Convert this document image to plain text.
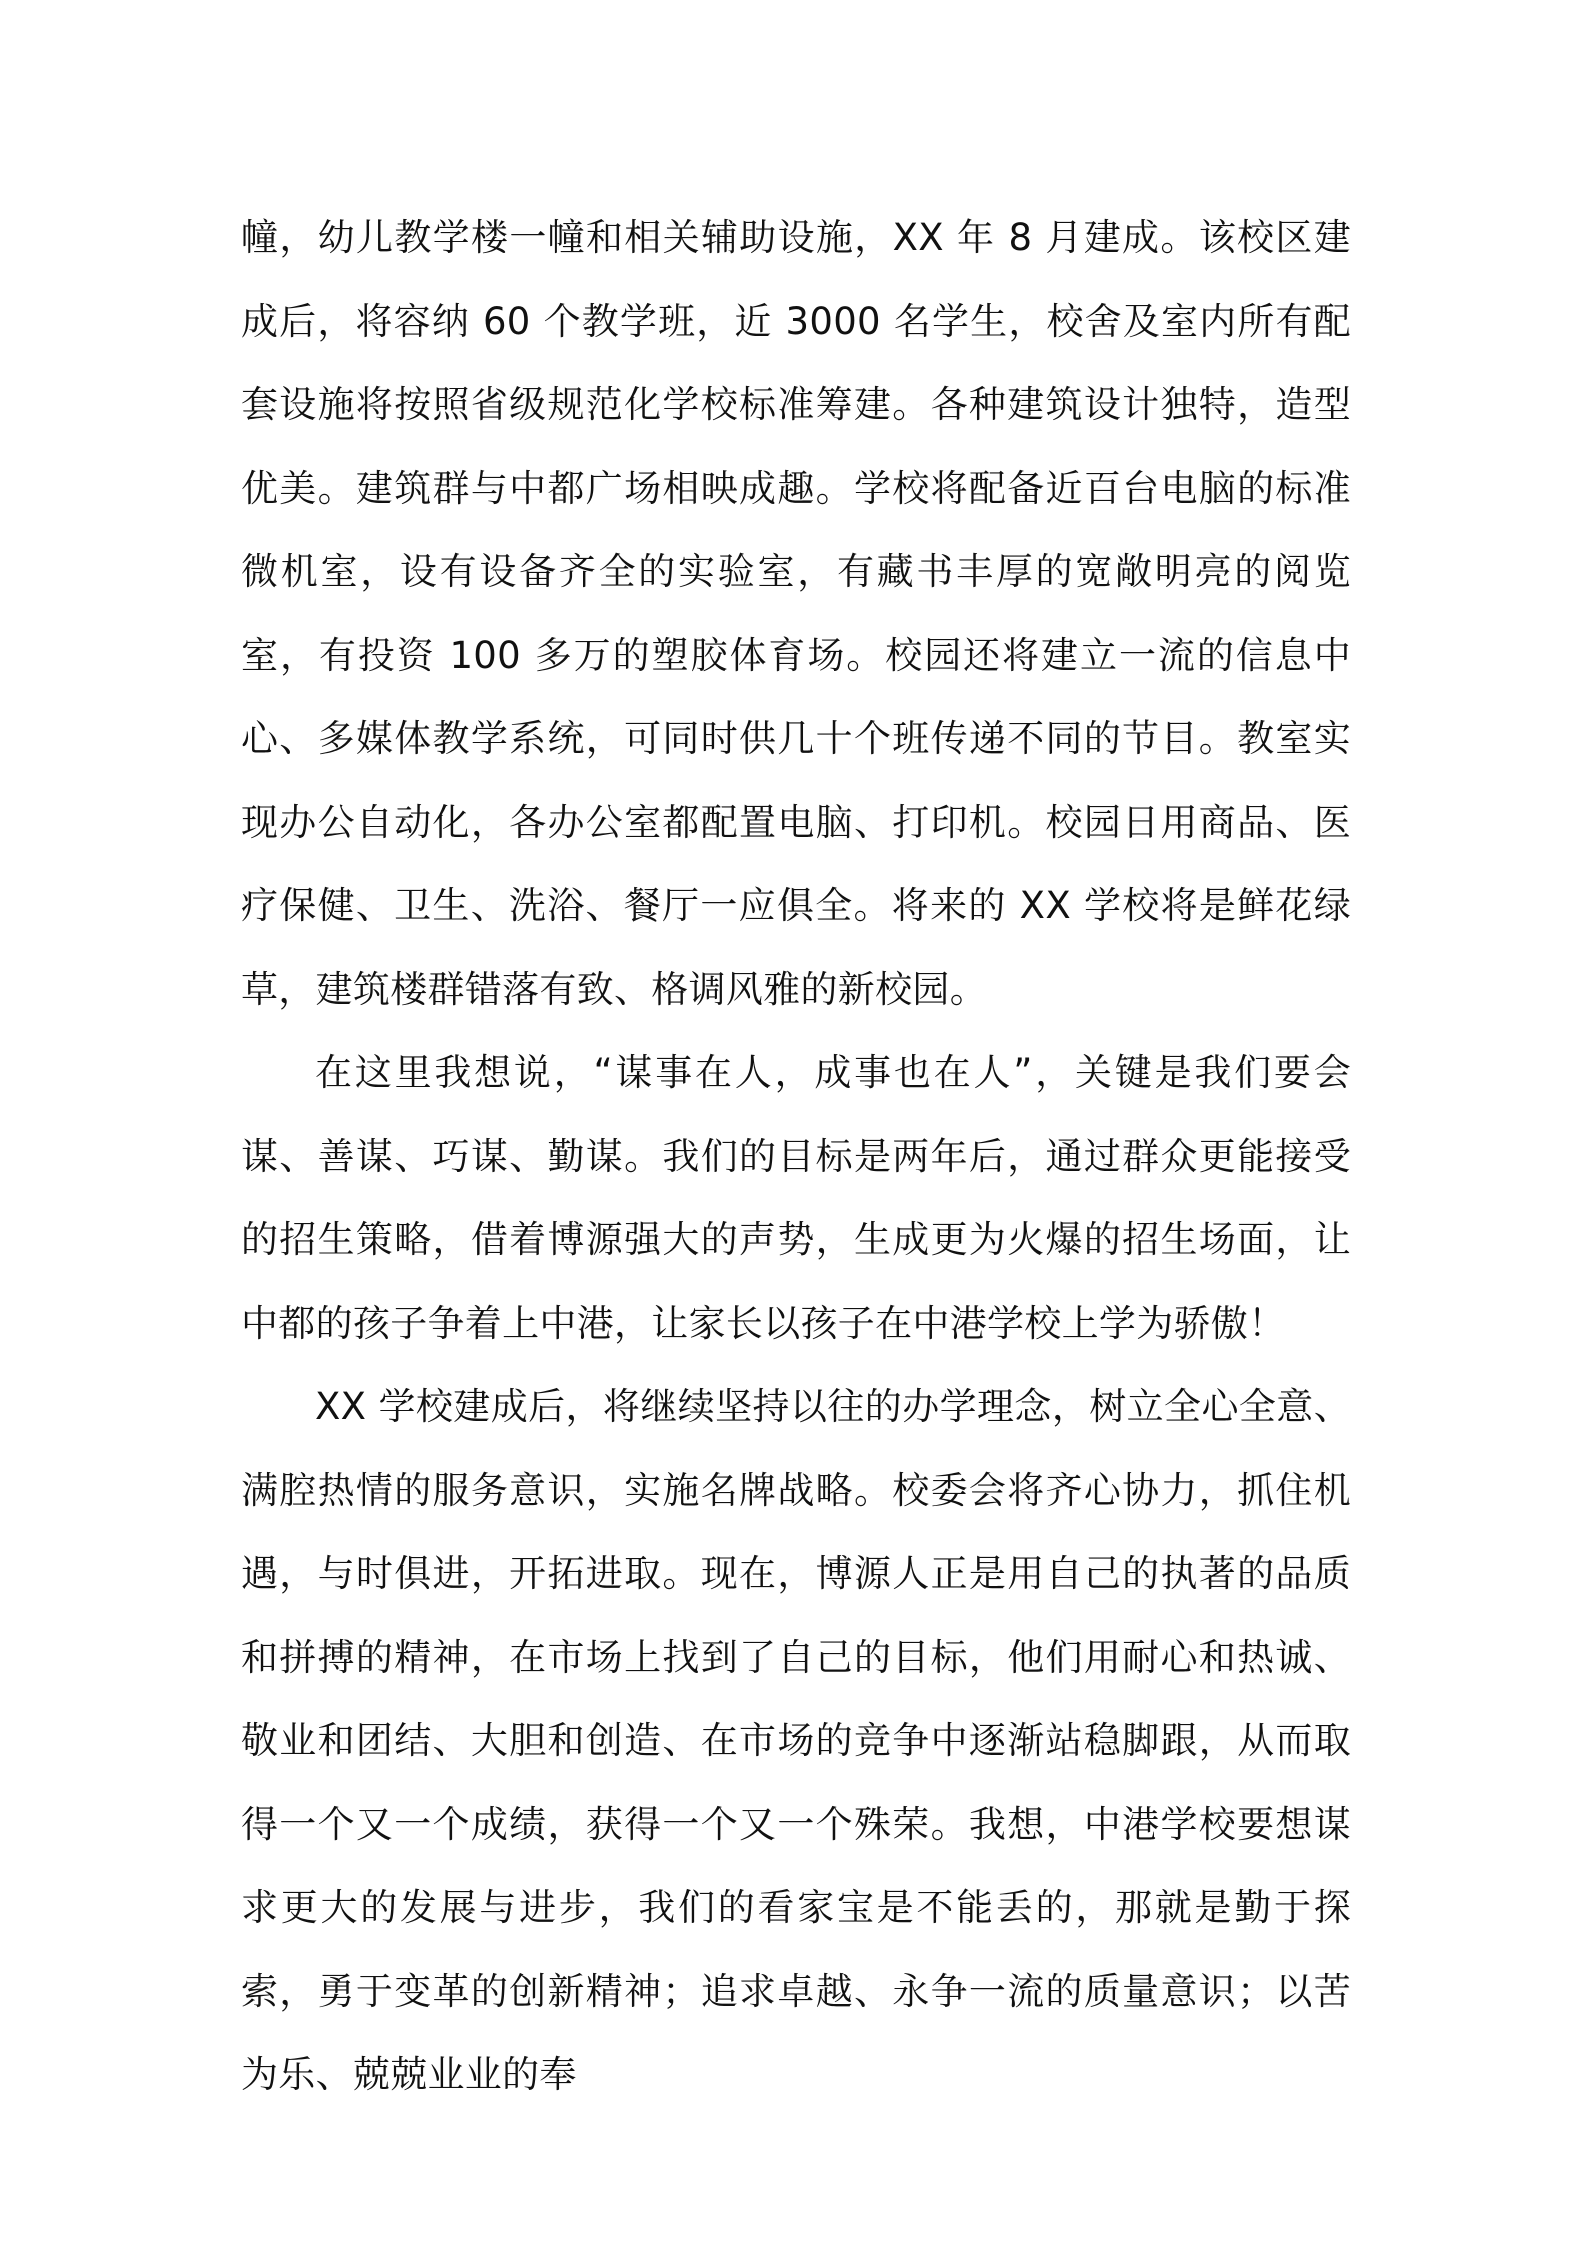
幢，幼儿教学楼一幢和相关辅助设施，XX 年 8 月建成。该校区建成后，将容纳 60 个教学班，近 3000 名学生，校舍及室内所有配套设施将按照省级规范化学校标准筹建。各种建筑设计独特，造型优美。建筑群与中都广场相映成趣。学校将配备近百台电脑的标准微机室，设有设备齐全的实验室，有藏书丰厚的宽敞明亮的阅览室，有投资 100 多万的塑胶体育场。校园还将建立一流的信息中心、多媒体教学系统，可同时供几十个班传递不同的节目。教室实现办公自动化，各办公室都配置电脑、打印机。校园日用商品、医疗保健、卫生、洗浴、餐厅一应俱全。将来的 XX 学校将是鲜花绿草，建筑楼群错落有致、格调风雅的新校园。

在这里我想说，“谋事在人，成事也在人”，关键是我们要会谋、善谋、巧谋、勤谋。我们的目标是两年后，通过群众更能接受的招生策略，借着博源强大的声势，生成更为火爆的招生场面，让中都的孩子争着上中港，让家长以孩子在中港学校上学为骄傲！

XX 学校建成后，将继续坚持以往的办学理念，树立全心全意、满腔热情的服务意识，实施名牌战略。校委会将齐心协力，抓住机遇，与时俱进，开拓进取。现在，博源人正是用自己的执著的品质和拼搏的精神，在市场上找到了自己的目标，他们用耐心和热诚、敬业和团结、大胆和创造、在市场的竞争中逐渐站稳脚跟，从而取得一个又一个成绩，获得一个又一个殊荣。我想，中港学校要想谋求更大的发展与进步，我们的看家宝是不能丢的，那就是勤于探索，勇于变革的创新精神；追求卓越、永争一流的质量意识；以苦为乐、兢兢业业的奉
